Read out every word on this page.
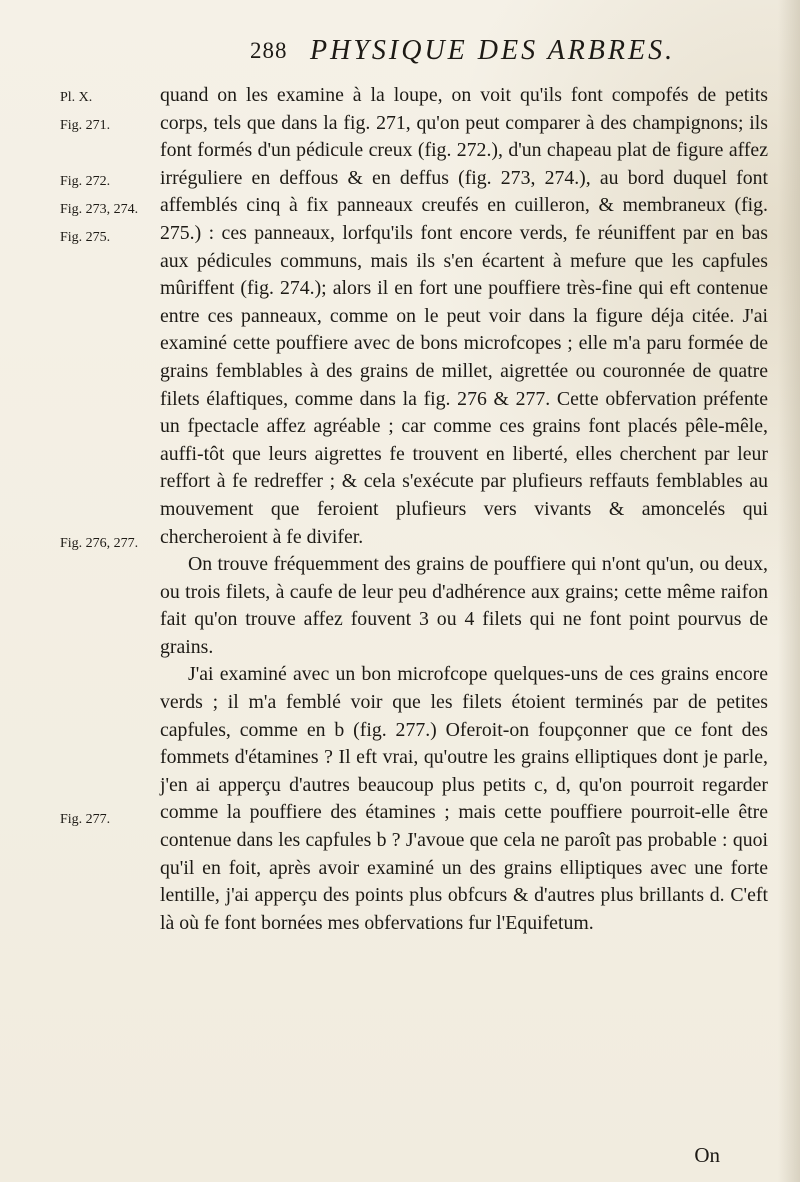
288 PHYSIQUE DES ARBRES.
Pl. X.
Fig. 271.
Fig. 272.
Fig. 273, 274.
Fig. 275.
Fig. 276, 277.
Fig. 277.

quand on les examine à la loupe, on voit qu'ils font compofés de petits corps, tels que dans la fig. 271, qu'on peut comparer à des champignons; ils font formés d'un pédicule creux (fig. 272.), d'un chapeau plat de figure affez irréguliere en deffous & en deffus (fig. 273, 274.), au bord duquel font affemblés cinq à fix panneaux creufés en cuilleron, & membraneux (fig. 275.) : ces panneaux, lorfqu'ils font encore verds, fe réuniffent par en bas aux pédicules communs, mais ils s'en écartent à mefure que les capfules mûriffent (fig. 274.); alors il en fort une pouffiere très-fine qui eft contenue entre ces panneaux, comme on le peut voir dans la figure déja citée. J'ai examiné cette pouffiere avec de bons microfcopes ; elle m'a paru formée de grains femblables à des grains de millet, aigrettée ou couronnée de quatre filets élaftiques, comme dans la fig. 276 & 277. Cette obfervation préfente un fpectacle affez agréable ; car comme ces grains font placés pêle-mêle, auffi-tôt que leurs aigrettes fe trouvent en liberté, elles cherchent par leur reffort à fe redreffer ; & cela s'exécute par plufieurs reffauts femblables au mouvement que feroient plufieurs vers vivants & amoncelés qui chercheroient à fe divifer.

On trouve fréquemment des grains de pouffiere qui n'ont qu'un, ou deux, ou trois filets, à caufe de leur peu d'adhérence aux grains; cette même raifon fait qu'on trouve affez fouvent 3 ou 4 filets qui ne font point pourvus de grains.

J'ai examiné avec un bon microfcope quelques-uns de ces grains encore verds ; il m'a femblé voir que les filets étoient terminés par de petites capfules, comme en b (fig. 277.) Oferoit-on foupçonner que ce font des fommets d'étamines ? Il eft vrai, qu'outre les grains elliptiques dont je parle, j'en ai apperçu d'autres beaucoup plus petits c, d, qu'on pourroit regarder comme la pouffiere des étamines ; mais cette pouffiere pourroit-elle être contenue dans les capfules b ? J'avoue que cela ne paroît pas probable : quoi qu'il en foit, après avoir examiné un des grains elliptiques avec une forte lentille, j'ai apperçu des points plus obfcurs & d'autres plus brillants d. C'eft là où fe font bornées mes obfervations fur l'Equifetum.

On
